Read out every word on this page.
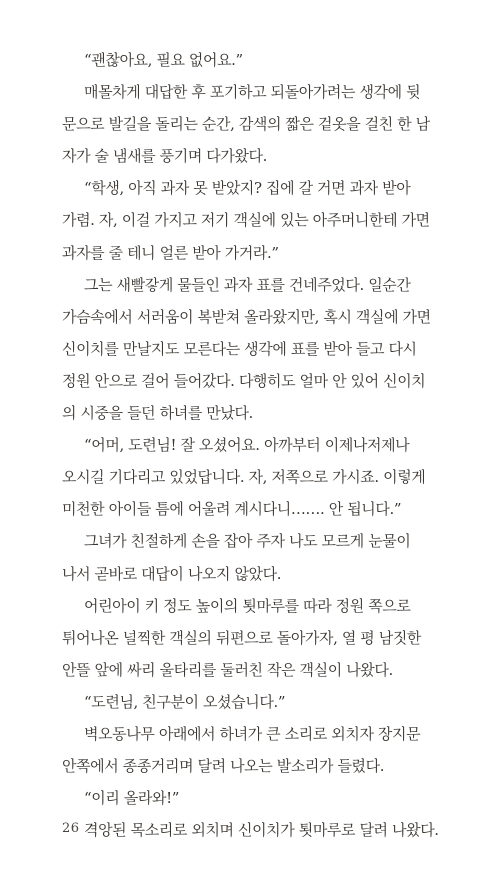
“괜찮아요, 필요 없어요.”
매몰차게 대답한 후 포기하고 되돌아가려는 생각에 뒷
문으로 발길을 돌리는 순간, 감색의 짧은 겉옷을 걸친 한 남
자가 술 냄새를 풍기며 다가왔다.
“학생, 아직 과자 못 받았지? 집에 갈 거면 과자 받아
가렴. 자, 이걸 가지고 저기 객실에 있는 아주머니한테 가면
과자를 줄 테니 얼른 받아 가거라.”
그는 새빨갛게 물들인 과자 표를 건네주었다. 일순간
가슴속에서 서러움이 복받쳐 올라왔지만, 혹시 객실에 가면
신이치를 만날지도 모른다는 생각에 표를 받아 들고 다시
정원 안으로 걸어 들어갔다. 다행히도 얼마 안 있어 신이치
의 시중을 들던 하녀를 만났다.
“어머, 도련님! 잘 오셨어요. 아까부터 이제나저제나
오시길 기다리고 있었답니다. 자, 저쪽으로 가시죠. 이렇게
미천한 아이들 틈에 어울려 계시다니……. 안 됩니다.”
그녀가 친절하게 손을 잡아 주자 나도 모르게 눈물이
나서 곧바로 대답이 나오지 않았다.
어린아이 키 정도 높이의 툇마루를 따라 정원 쪽으로
튀어나온 널찍한 객실의 뒤편으로 돌아가자, 열 평 남짓한
안뜰 앞에 싸리 울타리를 둘러친 작은 객실이 나왔다.
“도련님, 친구분이 오셨습니다.”
벽오동나무 아래에서 하녀가 큰 소리로 외치자 장지문
안쪽에서 종종거리며 달려 나오는 발소리가 들렸다.
“이리 올라와!”
격앙된 목소리로 외치며 신이치가 툇마루로 달려 나왔다.
26
